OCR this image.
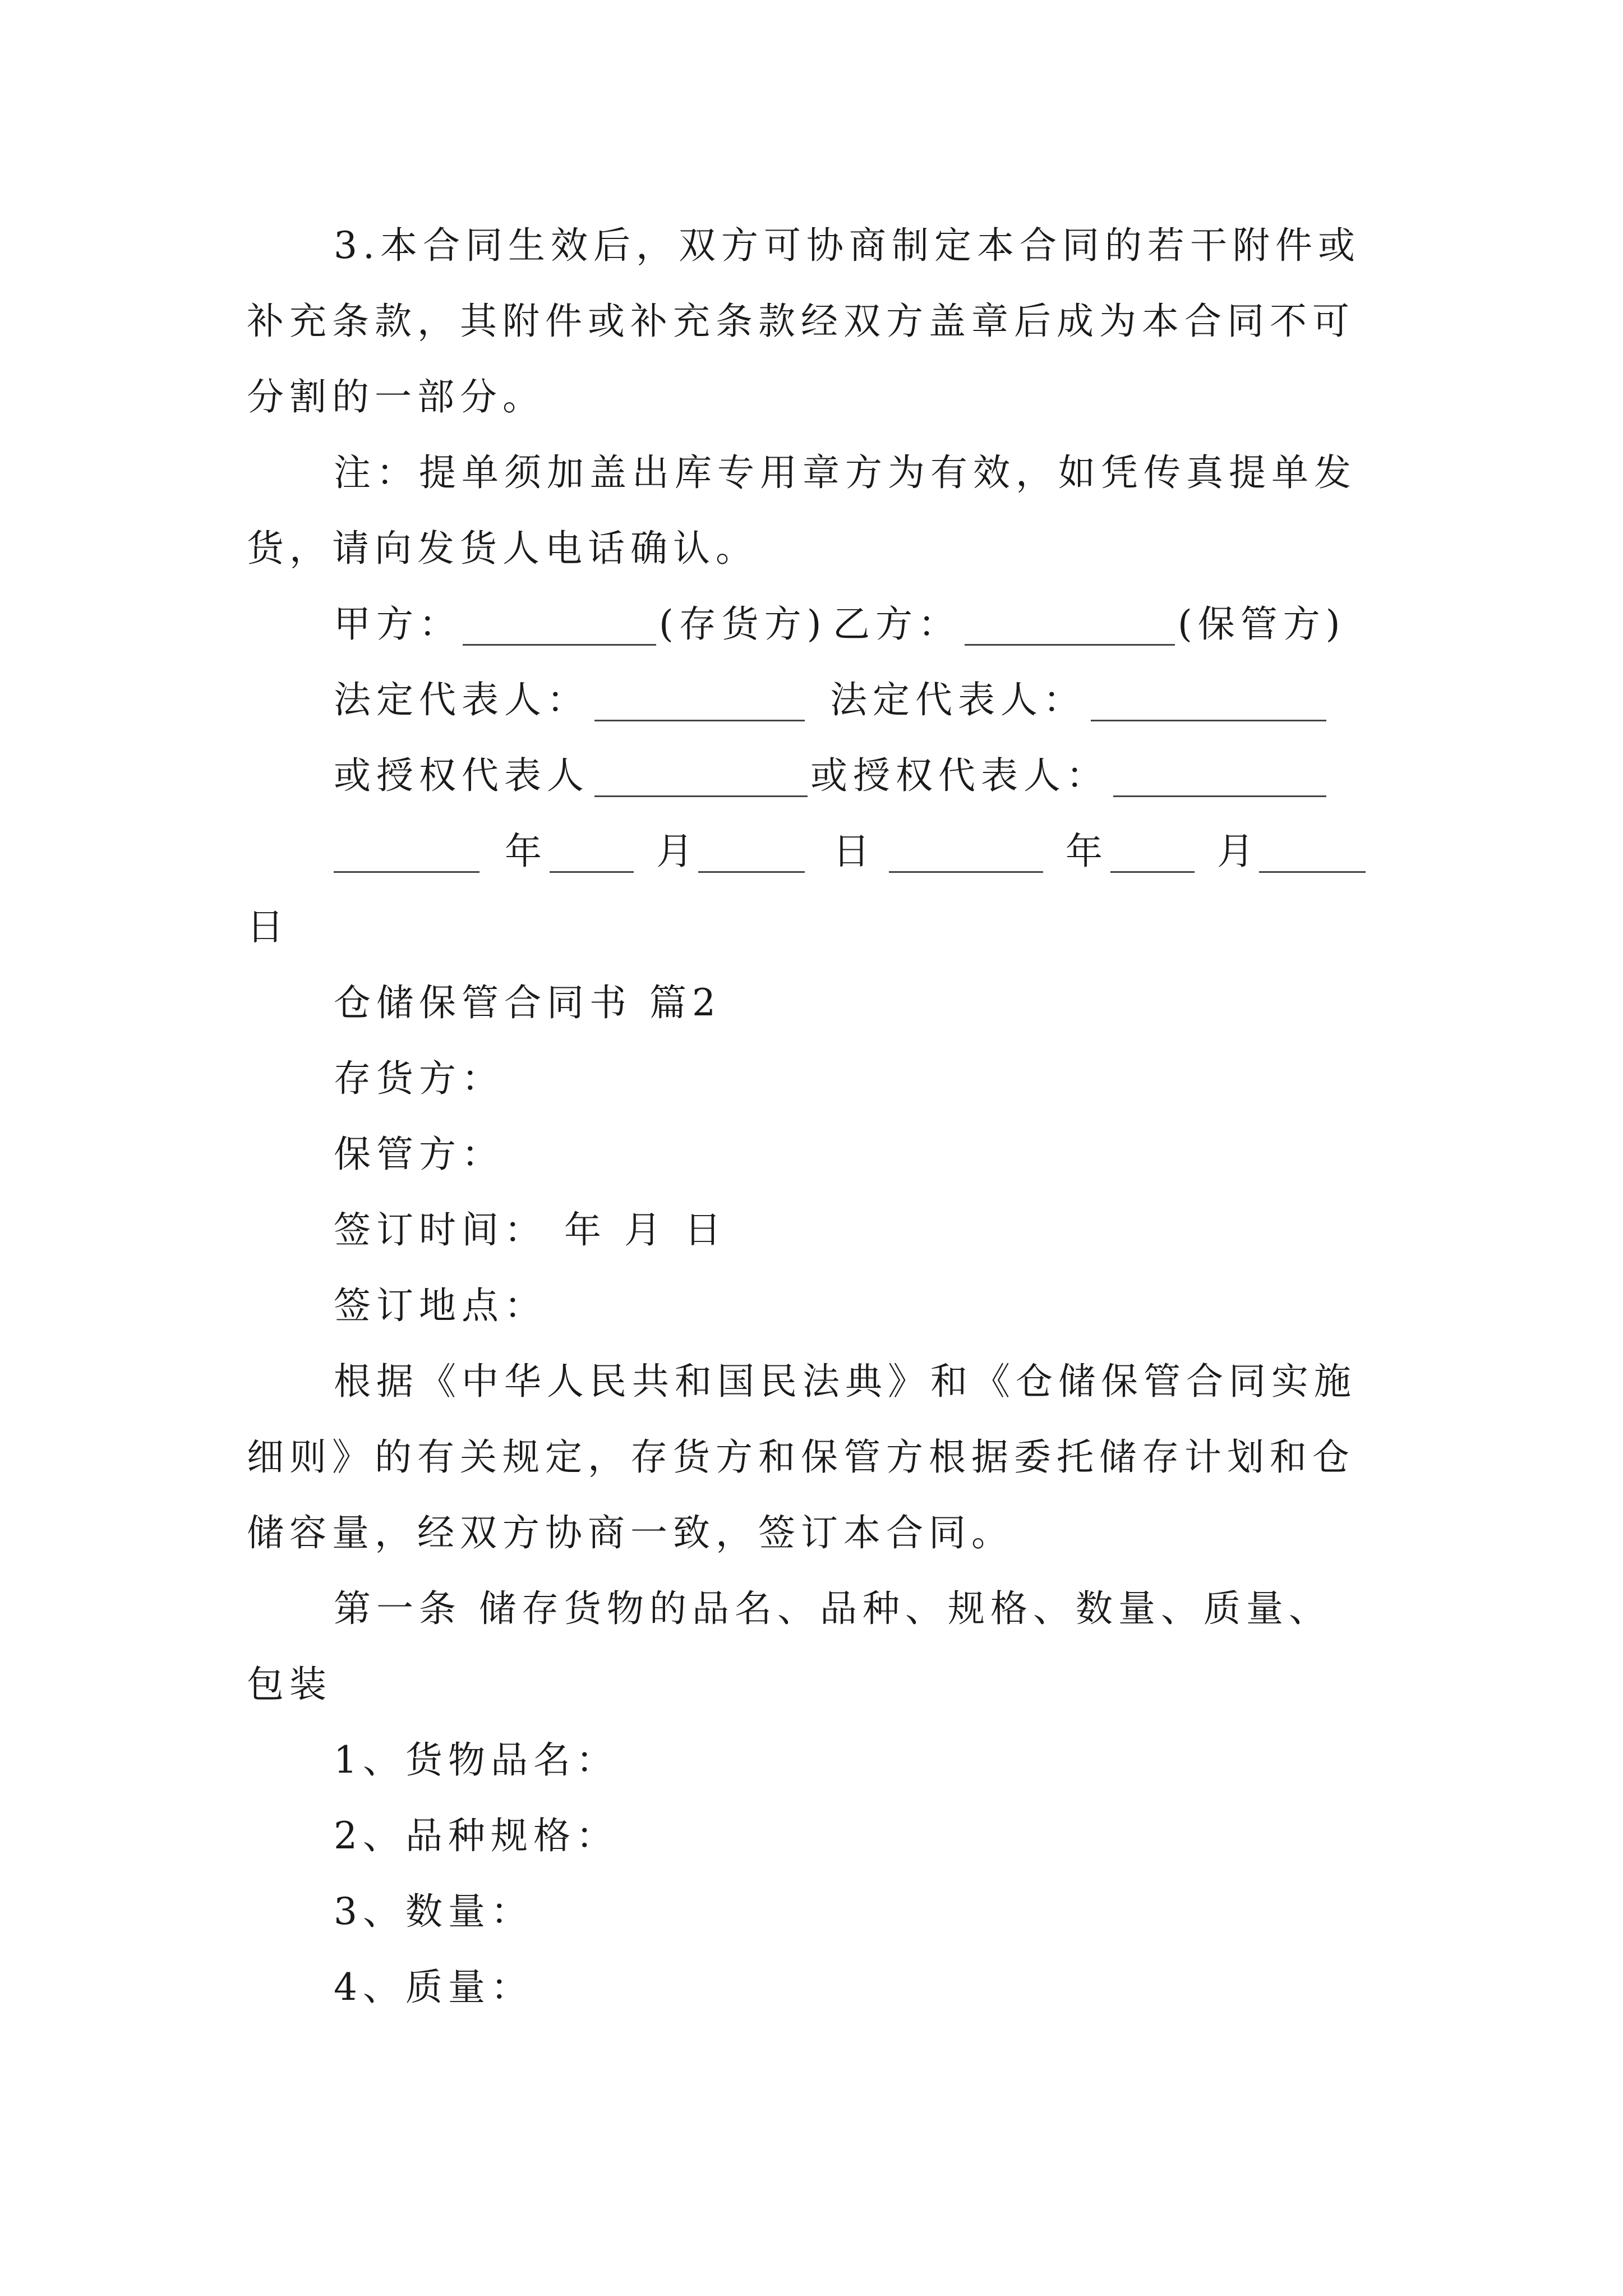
3.本合同生效后，双方可协商制定本合同的若干附件或
补充条款，其附件或补充条款经双方盖章后成为本合同不可
分割的一部分。
注：提单须加盖出库专用章方为有效，如凭传真提单发
货，请向发货人电话确认。
甲方：	(存货方) 乙方：	(保管方)
法定代表人：	法定代表人：
或授权代表人	或授权代表人：
年	月	日	年	月
日
仓储保管合同书 篇2
存货方：
保管方：
签订时间： 年 月 日
签订地点：
根据《中华人民共和国民法典》和《仓储保管合同实施
细则》的有关规定，存货方和保管方根据委托储存计划和仓
储容量，经双方协商一致，签订本合同。
第一条 储存货物的品名、品种、规格、数量、质量、
包装
1、货物品名：
2、品种规格：
3、数量：
4、质量：
